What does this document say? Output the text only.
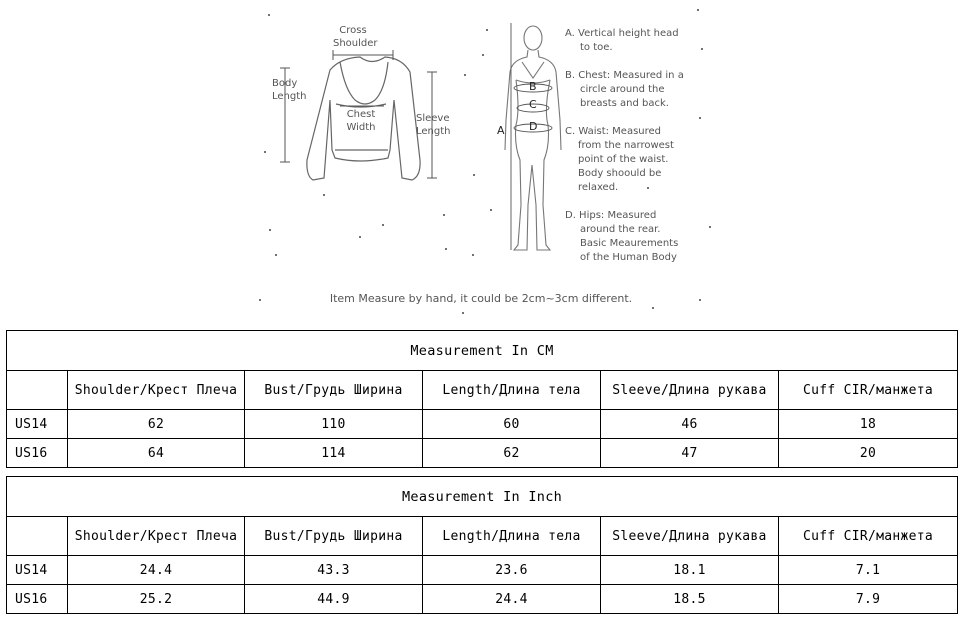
Cross
Shoulder
Body
Length
Chest
Width
Sleeve
Length	A
B
C
D
A. Vertical height head
to toe.
B. Chest: Measured in a
circle around the
breasts and back.
C. Waist: Measured
from the narrowest
point of the waist.
Body shoould be
relaxed.
D. Hips: Measured
around the rear.
Basic Meaurements
of the Human Body
Item Measure by hand, it could be 2cm~3cm different.
Measurement In CM					
	Shoulder/Крест Плеча	Bust/Грудь Ширина	Length/Длина тела	Sleeve/Длина рукава	Cuff CIR/манжета
US14	62	110	60	46	18
US16	64	114	62	47	20
Measurement In Inch					
	Shoulder/Крест Плеча	Bust/Грудь Ширина	Length/Длина тела	Sleeve/Длина рукава	Cuff CIR/манжета
US14	24.4	43.3	23.6	18.1	7.1
US16	25.2	44.9	24.4	18.5	7.9
